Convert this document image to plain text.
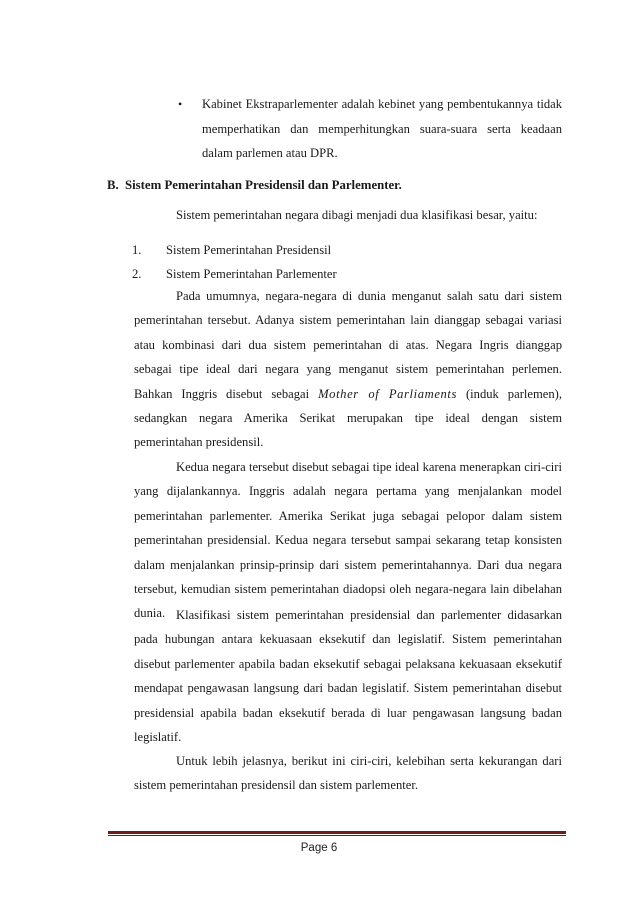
•	Kabinet Ekstraparlementer adalah kebinet yang pembentukannya tidak memperhatikan dan memperhitungkan suara-suara serta keadaan dalam parlemen atau DPR.
B. Sistem Pemerintahan Presidensil dan Parlementer.
Sistem pemerintahan negara dibagi menjadi dua klasifikasi besar, yaitu:
1. Sistem Pemerintahan Presidensil
2. Sistem Pemerintahan Parlementer
Pada umumnya, negara-negara di dunia menganut salah satu dari sistem pemerintahan tersebut. Adanya sistem pemerintahan lain dianggap sebagai variasi atau kombinasi dari dua sistem pemerintahan di atas. Negara Ingris dianggap sebagai tipe ideal dari negara yang menganut sistem pemerintahan perlemen. Bahkan Inggris disebut sebagai Mother of Parliaments (induk parlemen), sedangkan negara Amerika Serikat merupakan tipe ideal dengan sistem pemerintahan presidensil.
Kedua negara tersebut disebut sebagai tipe ideal karena menerapkan ciri-ciri yang dijalankannya. Inggris adalah negara pertama yang menjalankan model pemerintahan parlementer. Amerika Serikat juga sebagai pelopor dalam sistem pemerintahan presidensial. Kedua negara tersebut sampai sekarang tetap konsisten dalam menjalankan prinsip-prinsip dari sistem pemerintahannya. Dari dua negara tersebut, kemudian sistem pemerintahan diadopsi oleh negara-negara lain dibelahan dunia. Klasifikasi sistem pemerintahan presidensial dan parlementer didasarkan pada hubungan antara kekuasaan eksekutif dan legislatif. Sistem pemerintahan disebut parlementer apabila badan eksekutif sebagai pelaksana kekuasaan eksekutif mendapat pengawasan langsung dari badan legislatif. Sistem pemerintahan disebut presidensial apabila badan eksekutif berada di luar pengawasan langsung badan legislatif.
Untuk lebih jelasnya, berikut ini ciri-ciri, kelebihan serta kekurangan dari sistem pemerintahan presidensil dan sistem parlementer.
Page 6
